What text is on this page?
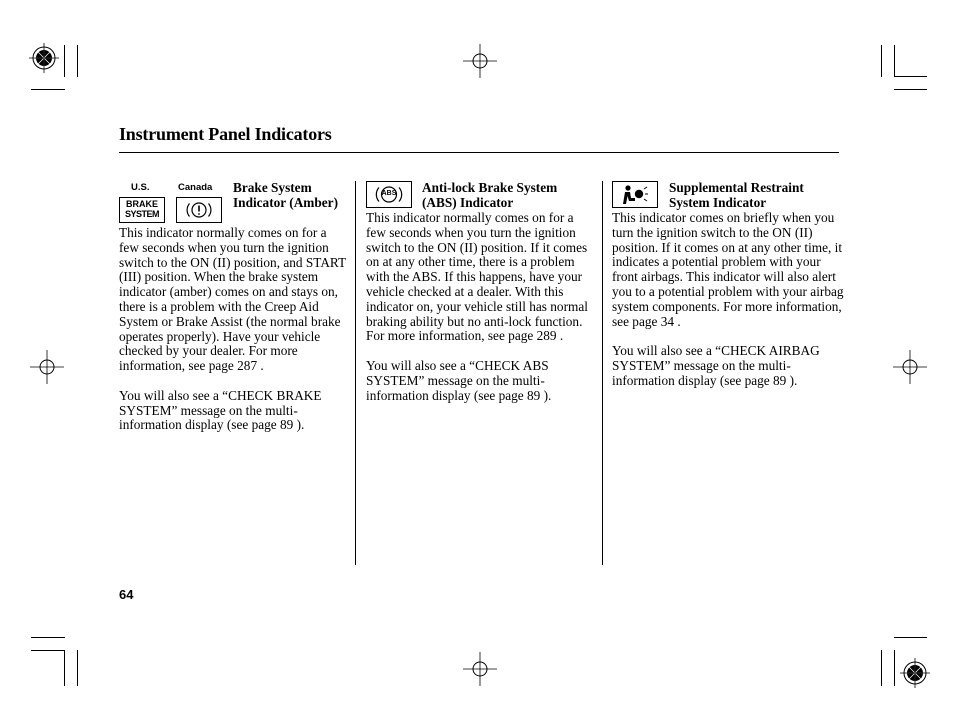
Instrument Panel Indicators
U.S.	Canada
BRAKE
SYSTEM
Brake System Indicator (Amber)

This indicator normally comes on for a few seconds when you turn the ignition switch to the ON (II) position, and START (III) position. When the brake system indicator (amber) comes on and stays on, there is a problem with the Creep Aid System or Brake Assist (the normal brake operates properly). Have your vehicle checked by your dealer. For more information, see page 287 .

You will also see a “CHECK BRAKE SYSTEM” message on the multi-information display (see page 89 ).

ABS	Anti-lock Brake System (ABS) Indicator

This indicator normally comes on for a few seconds when you turn the ignition switch to the ON (II) position. If it comes on at any other time, there is a problem with the ABS. If this happens, have your vehicle checked at a dealer. With this indicator on, your vehicle still has normal braking ability but no anti-lock function. For more information, see page 289 .

You will also see a “CHECK ABS SYSTEM” message on the multi-information display (see page 89 ).

Supplemental Restraint System Indicator

This indicator comes on briefly when you turn the ignition switch to the ON (II) position. If it comes on at any other time, it indicates a potential problem with your front airbags. This indicator will also alert you to a potential problem with your airbag system components. For more information, see page 34 .

You will also see a “CHECK AIRBAG SYSTEM” message on the multi-information display (see page 89 ).

64
